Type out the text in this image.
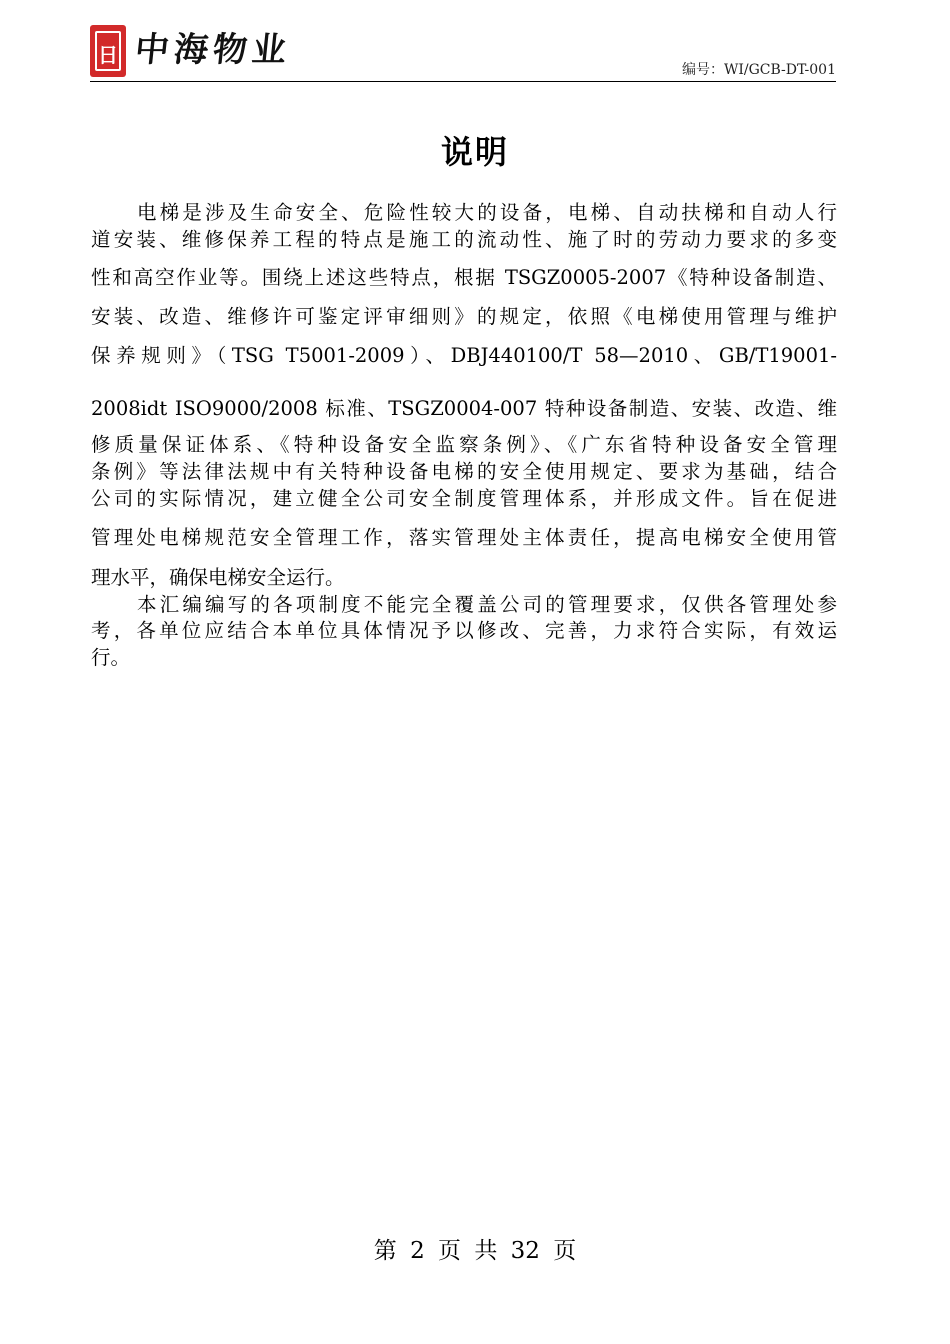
日 中海物业	编号：WI/GCB-DT-001
说明
电梯是涉及生命安全、危险性较大的设备，电梯、自动扶梯和自动人行
道安装、维修保养工程的特点是施工的流动性、施了时的劳动力要求的多变
性和高空作业等。围绕上述这些特点，根据 TSGZ0005-2007《特种设备制造、
安装、改造、维修许可鉴定评审细则》的规定，依照《电梯使用管理与维护
保养规则》（TSG T5001-2009）、DBJ440100/T 58—2010、GB/T19001-
2008idt ISO9000/2008 标准、TSGZ0004-007 特种设备制造、安装、改造、维
修质量保证体系、《特种设备安全监察条例》、《广东省特种设备安全管理
条例》等法律法规中有关特种设备电梯的安全使用规定、要求为基础，结合
公司的实际情况，建立健全公司安全制度管理体系，并形成文件。旨在促进
管理处电梯规范安全管理工作，落实管理处主体责任，提高电梯安全使用管
理水平，确保电梯安全运行。
本汇编编写的各项制度不能完全覆盖公司的管理要求，仅供各管理处参
考，各单位应结合本单位具体情况予以修改、完善，力求符合实际，有效运
行。
第 2 页 共 32 页
